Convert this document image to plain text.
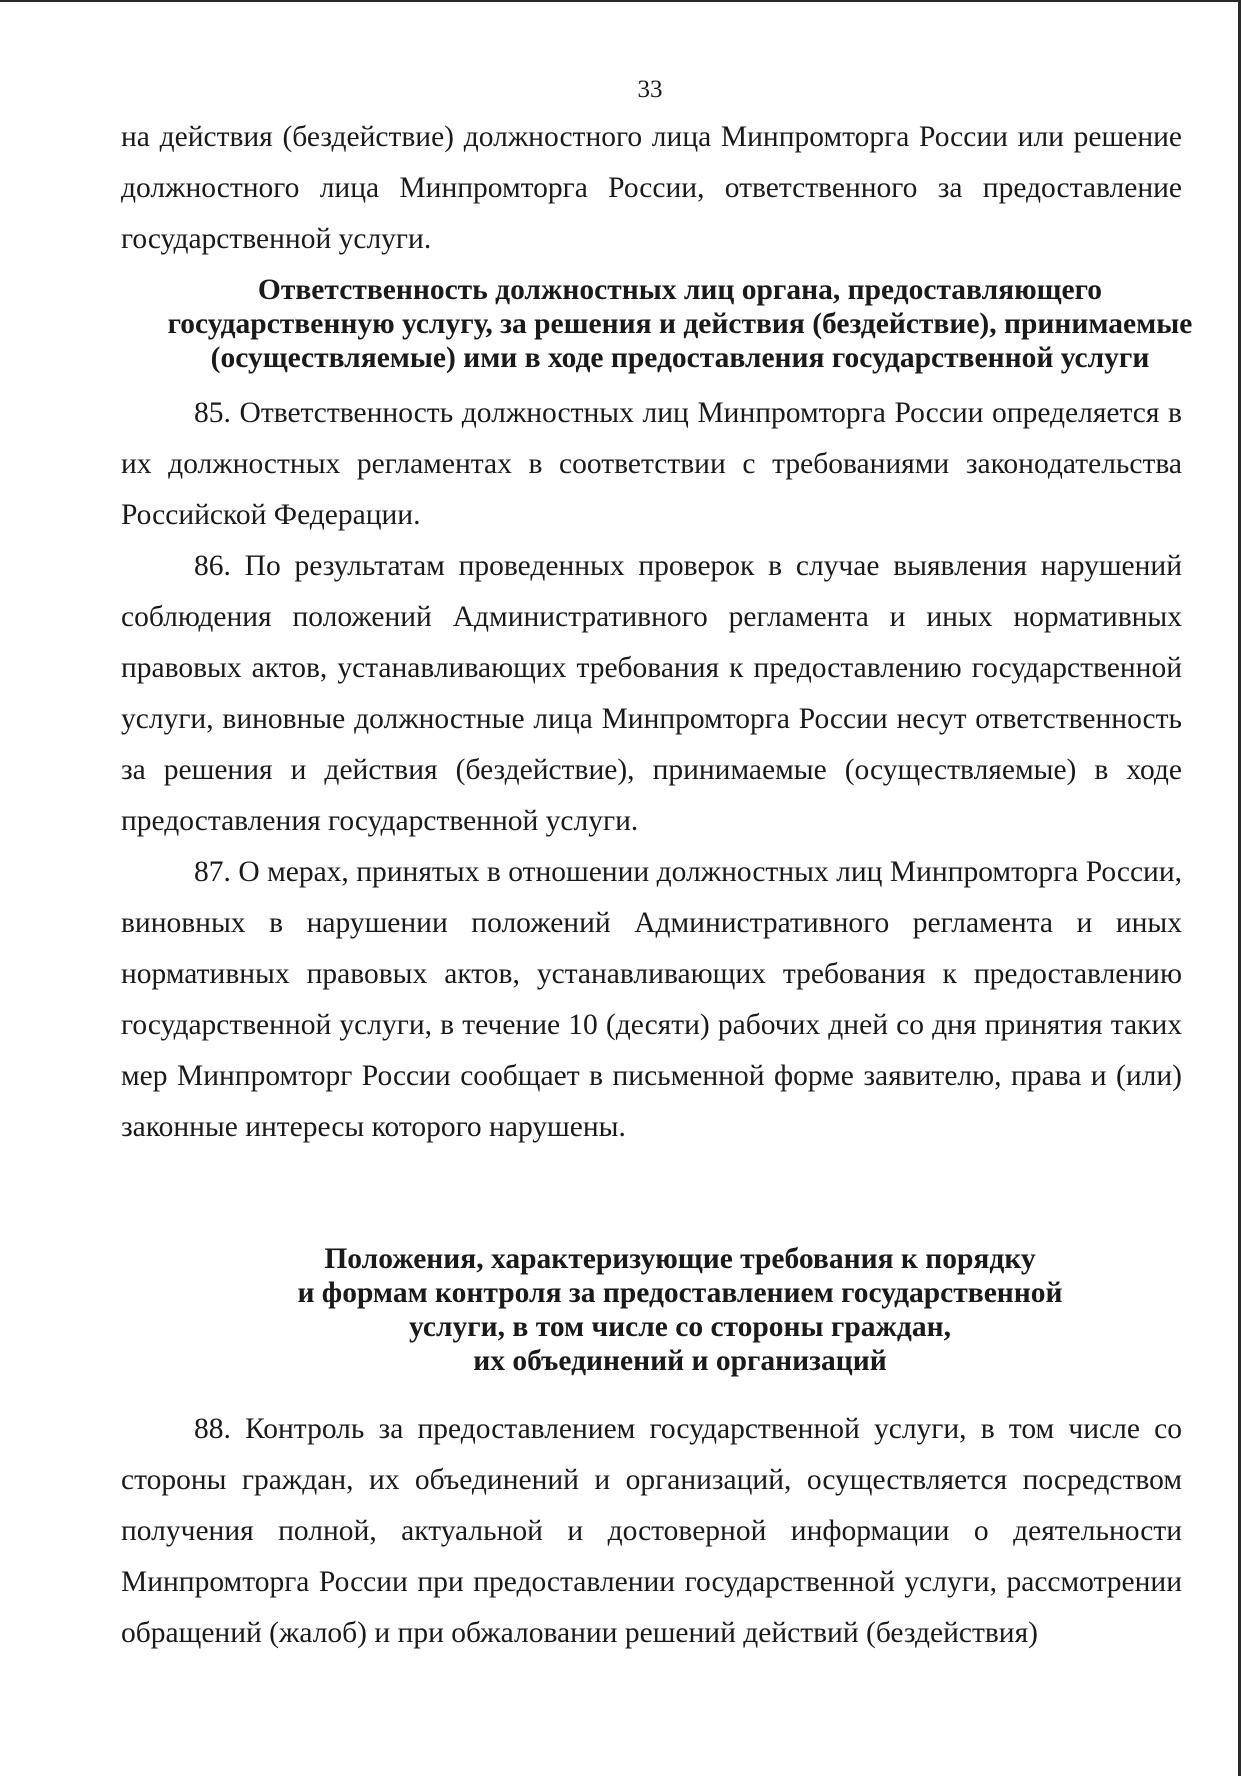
33

на действия (бездействие) должностного лица Минпромторга России или решение должностного лица Минпромторга России, ответственного за предоставление государственной услуги.

Ответственность должностных лиц органа, предоставляющего
государственную услугу, за решения и действия (бездействие), принимаемые
(осуществляемые) ими в ходе предоставления государственной услуги

85. Ответственность должностных лиц Минпромторга России определяется в их должностных регламентах в соответствии с требованиями законодательства Российской Федерации.

86. По результатам проведенных проверок в случае выявления нарушений соблюдения положений Административного регламента и иных нормативных правовых актов, устанавливающих требования к предоставлению государственной услуги, виновные должностные лица Минпромторга России несут ответственность за решения и действия (бездействие), принимаемые (осуществляемые) в ходе предоставления государственной услуги.

87. О мерах, принятых в отношении должностных лиц Минпромторга России, виновных в нарушении положений Административного регламента и иных нормативных правовых актов, устанавливающих требования к предоставлению государственной услуги, в течение 10 (десяти) рабочих дней со дня принятия таких мер Минпромторг России сообщает в письменной форме заявителю, права и (или) законные интересы которого нарушены.

Положения, характеризующие требования к порядку
и формам контроля за предоставлением государственной
услуги, в том числе со стороны граждан,
их объединений и организаций

88. Контроль за предоставлением государственной услуги, в том числе со стороны граждан, их объединений и организаций, осуществляется посредством получения полной, актуальной и достоверной информации о деятельности Минпромторга России при предоставлении государственной услуги, рассмотрении обращений (жалоб) и при обжаловании решений действий (бездействия)
